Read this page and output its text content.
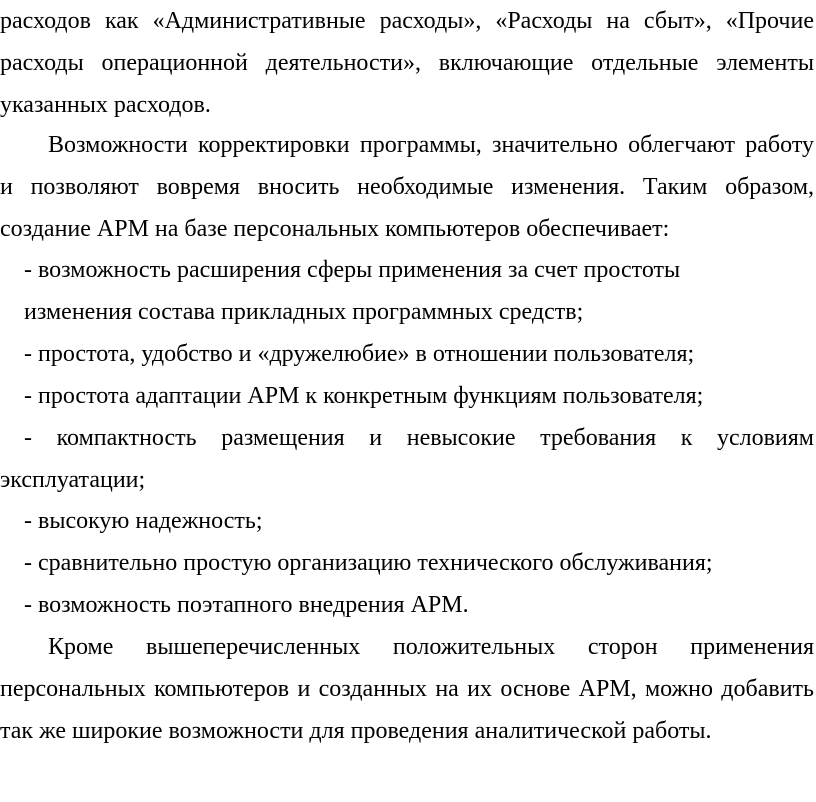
расходов как «Административные расходы», «Расходы на сбыт», «Прочие
расходы операционной деятельности», включающие отдельные элементы
указанных расходов.
Возможности корректировки программы, значительно облегчают работу
и позволяют вовремя вносить необходимые изменения. Таким образом,
создание АРМ на базе персональных компьютеров обеспечивает:
- возможность расширения сферы применения за счет простоты
изменения состава прикладных программных средств;
- простота, удобство и «дружелюбие» в отношении пользователя;
- простота адаптации АРМ к конкретным функциям пользователя;
- компактность размещения и невысокие требования к условиям
эксплуатации;
- высокую надежность;
- сравнительно простую организацию технического обслуживания;
- возможность поэтапного внедрения АРМ.
Кроме вышеперечисленных положительных сторон применения
персональных компьютеров и созданных на их основе АРМ, можно добавить
так же широкие возможности для проведения аналитической работы.
